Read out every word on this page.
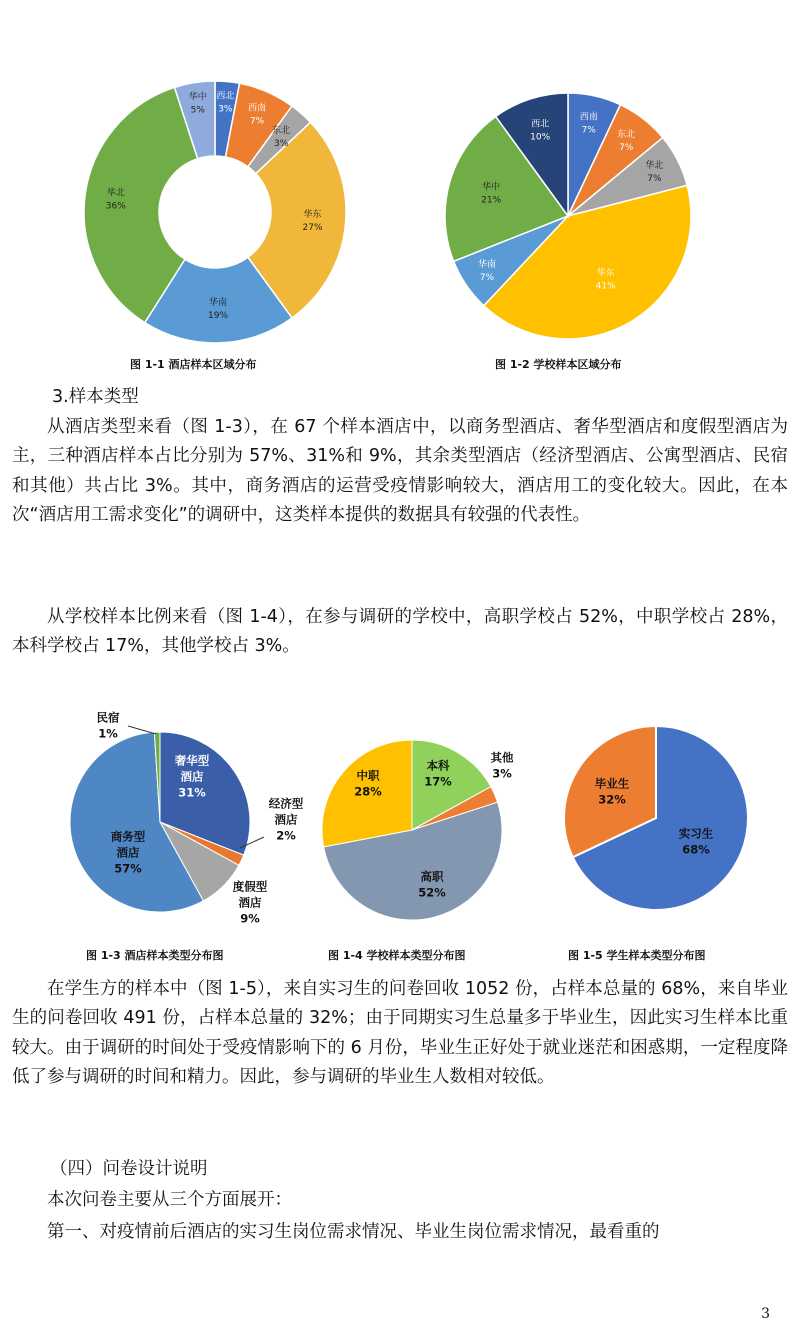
西北
3% 西南
7%
东北
3%
华东
27%
华南
19%
华北
36%
华中
5%
图 1-1 酒店样本区域分布
西南
7% 东北
7%
华北
7%
华东
41%
华南
7%
华中
21%
西北
10%
图 1-2 学校样本区域分布

3.样本类型

从酒店类型来看（图 1-3），在 67 个样本酒店中，以商务型酒店、奢华型酒店和度假型酒店为主，三种酒店样本占比分别为 57%、31%和 9%，其余类型酒店（经济型酒店、公寓型酒店、民宿和其他）共占比 3%。其中，商务酒店的运营受疫情影响较大，酒店用工的变化较大。因此，在本次“酒店用工需求变化”的调研中，这类样本提供的数据具有较强的代表性。

从学校样本比例来看（图 1-4），在参与调研的学校中，高职学校占 52%，中职学校占 28%，本科学校占 17%，其他学校占 3%。

奢华型
酒店
31%
经济型
酒店
2%
度假型
酒店
9%
商务型
酒店
57%
民宿
1%
图 1-3 酒店样本类型分布图
本科
17%
其他
3%
高职
52%
中职
28%
图 1-4 学校样本类型分布图
实习生
68%
毕业生
32%
图 1-5 学生样本类型分布图

在学生方的样本中（图 1-5），来自实习生的问卷回收 1052 份，占样本总量的 68%，来自毕业生的问卷回收 491 份，占样本总量的 32%；由于同期实习生总量多于毕业生，因此实习生样本比重较大。由于调研的时间处于受疫情影响下的 6 月份，毕业生正好处于就业迷茫和困惑期，一定程度降低了参与调研的时间和精力。因此，参与调研的毕业生人数相对较低。

（四）问卷设计说明

本次问卷主要从三个方面展开：

第一、对疫情前后酒店的实习生岗位需求情况、毕业生岗位需求情况，最看重的

3
